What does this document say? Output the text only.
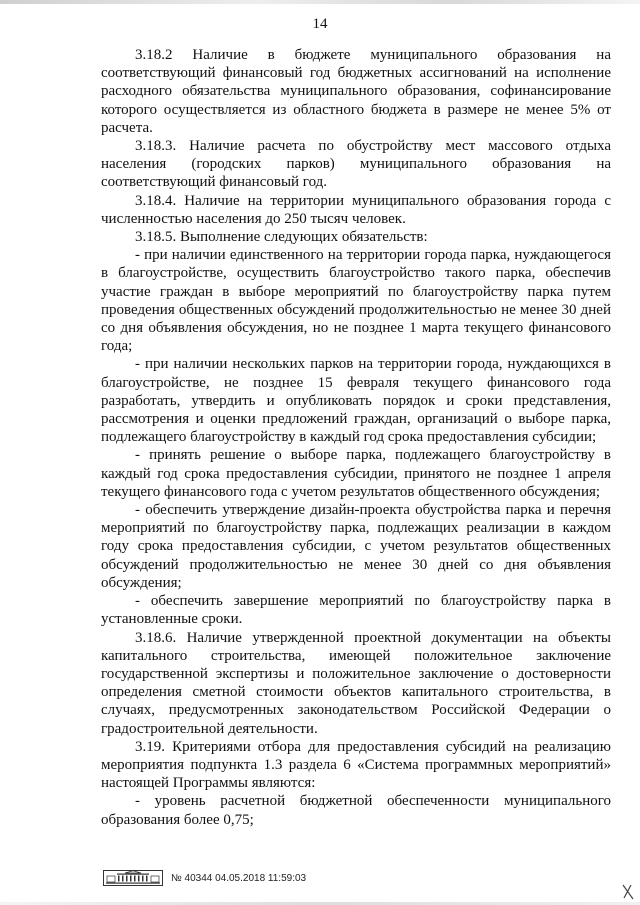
14

3.18.2 Наличие в бюджете муниципального образования на соответствующий финансовый год бюджетных ассигнований на исполнение расходного обязательства муниципального образования, софинансирование которого осуществляется из областного бюджета в размере не менее 5% от расчета.

3.18.3. Наличие расчета по обустройству мест массового отдыха населения (городских парков) муниципального образования на соответствующий финансовый год.

3.18.4. Наличие на территории муниципального образования города с численностью населения до 250 тысяч человек.

3.18.5. Выполнение следующих обязательств:

- при наличии единственного на территории города парка, нуждающегося в благоустройстве, осуществить благоустройство такого парка, обеспечив участие граждан в выборе мероприятий по благоустройству парка путем проведения общественных обсуждений продолжительностью не менее 30 дней со дня объявления обсуждения, но не позднее 1 марта текущего финансового года;

- при наличии нескольких парков на территории города, нуждающихся в благоустройстве, не позднее 15 февраля текущего финансового года разработать, утвердить и опубликовать порядок и сроки представления, рассмотрения и оценки предложений граждан, организаций о выборе парка, подлежащего благоустройству в каждый год срока предоставления субсидии;

- принять решение о выборе парка, подлежащего благоустройству в каждый год срока предоставления субсидии, принятого не позднее 1 апреля текущего финансового года с учетом результатов общественного обсуждения;

- обеспечить утверждение дизайн-проекта обустройства парка и перечня мероприятий по благоустройству парка, подлежащих реализации в каждом году срока предоставления субсидии, с учетом результатов общественных обсуждений продолжительностью не менее 30 дней со дня объявления обсуждения;

- обеспечить завершение мероприятий по благоустройству парка в установленные сроки.

3.18.6. Наличие утвержденной проектной документации на объекты капитального строительства, имеющей положительное заключение государственной экспертизы и положительное заключение о достоверности определения сметной стоимости объектов капитального строительства, в случаях, предусмотренных законодательством Российской Федерации о градостроительной деятельности.

3.19. Критериями отбора для предоставления субсидий на реализацию мероприятия подпункта 1.3 раздела 6 «Система программных мероприятий» настоящей Программы являются:

- уровень расчетной бюджетной обеспеченности муниципального образования более 0,75;

№ 40344 04.05.2018 11:59:03
